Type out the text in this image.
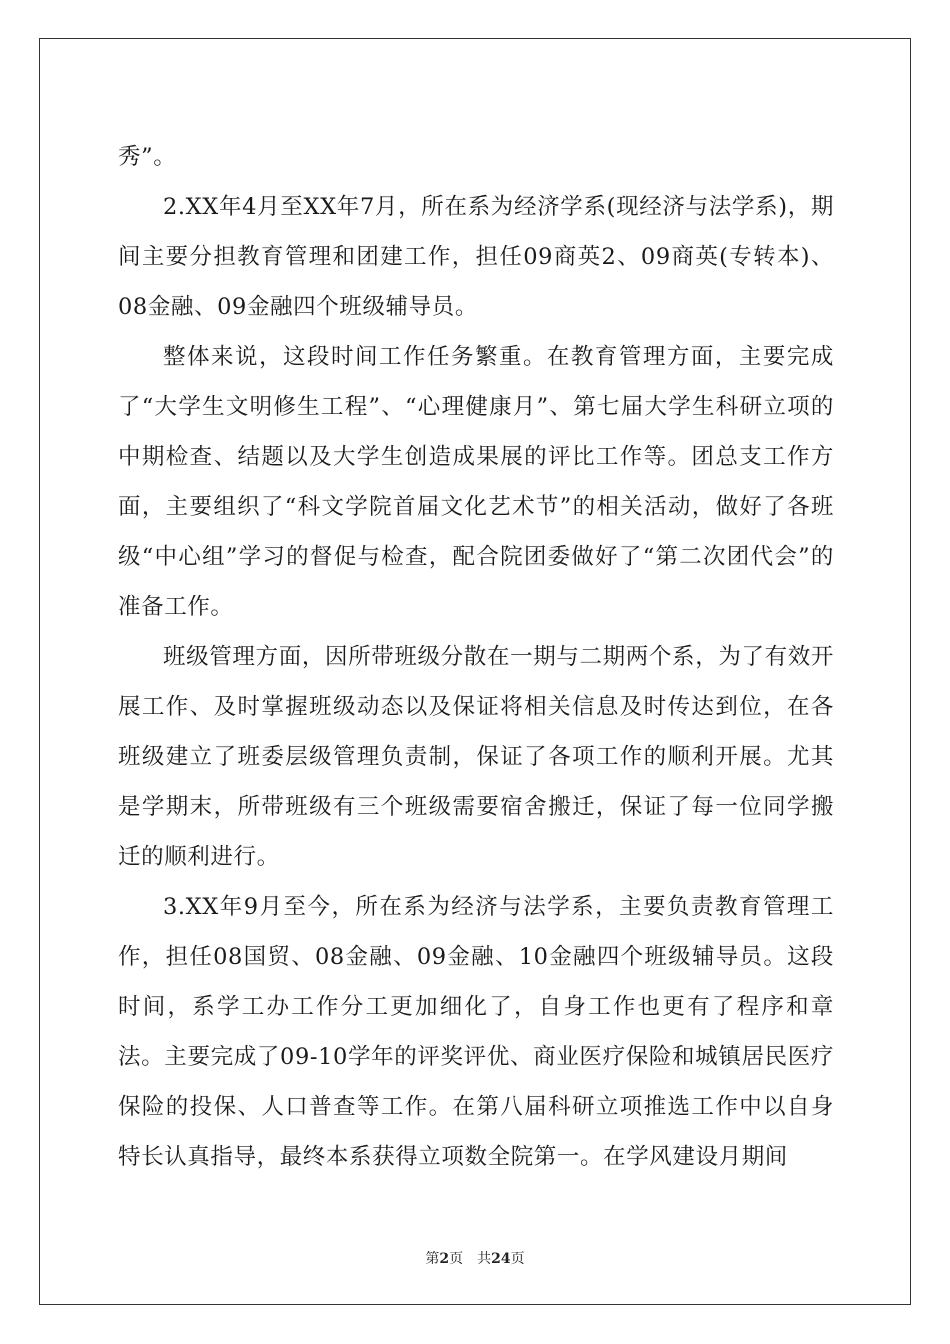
秀”。

2.XX年4月至XX年7月，所在系为经济学系(现经济与法学系)，期间主要分担教育管理和团建工作，担任09商英2、09商英(专转本)、08金融、09金融四个班级辅导员。

整体来说，这段时间工作任务繁重。在教育管理方面，主要完成了“大学生文明修生工程”、“心理健康月”、第七届大学生科研立项的中期检查、结题以及大学生创造成果展的评比工作等。团总支工作方面，主要组织了“科文学院首届文化艺术节”的相关活动，做好了各班级“中心组”学习的督促与检查，配合院团委做好了“第二次团代会”的准备工作。

班级管理方面，因所带班级分散在一期与二期两个系，为了有效开展工作、及时掌握班级动态以及保证将相关信息及时传达到位，在各班级建立了班委层级管理负责制，保证了各项工作的顺利开展。尤其是学期末，所带班级有三个班级需要宿舍搬迁，保证了每一位同学搬迁的顺利进行。

3.XX年9月至今，所在系为经济与法学系，主要负责教育管理工作，担任08国贸、08金融、09金融、10金融四个班级辅导员。这段时间，系学工办工作分工更加细化了，自身工作也更有了程序和章法。主要完成了09-10学年的评奖评优、商业医疗保险和城镇居民医疗保险的投保、人口普查等工作。在第八届科研立项推选工作中以自身特长认真指导，最终本系获得立项数全院第一。在学风建设月期间

第2页　共24页
